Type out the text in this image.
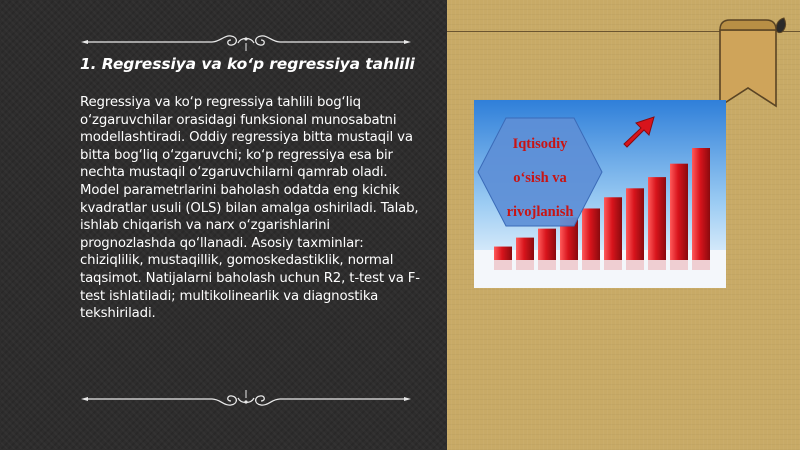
1. Regressiya va ko‘p regressiya tahlili

Regressiya va ko‘p regressiya tahlili bog‘liq o‘zgaruvchilar orasidagi funksional munosabatni modellashtiradi. Oddiy regressiya bitta mustaqil va bitta bog‘liq o‘zgaruvchi; ko‘p regressiya esa bir nechta mustaqil o‘zgaruvchilarni qamrab oladi. Model parametrlarini baholash odatda eng kichik kvadratlar usuli (OLS) bilan amalga oshiriladi. Talab, ishlab chiqarish va narx o‘zgarishlarini prognozlashda qo‘llanadi. Asosiy taxminlar: chiziqlilik, mustaqillik, gomoskedastiklik, normal taqsimot. Natijalarni baholash uchun R2, t-test va F-test ishlatiladi; multikolinearlik va diagnostika tekshiriladi.

Iqtisodiy
o‘sish va
rivojlanish
